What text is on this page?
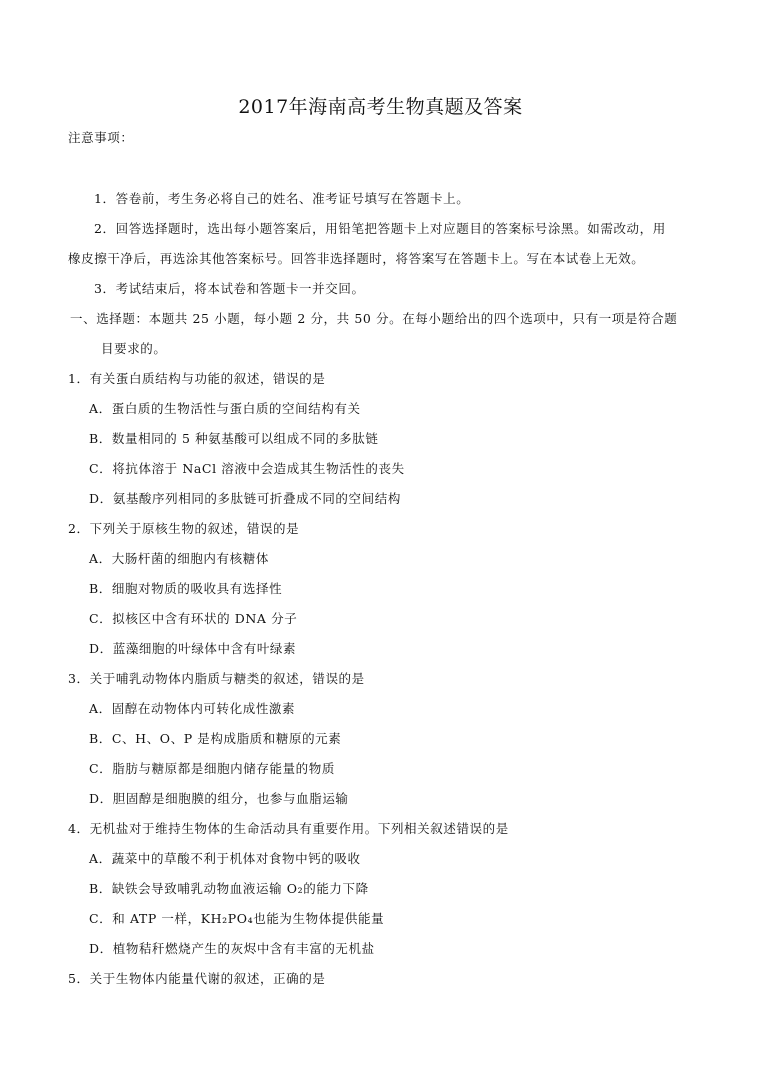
2017年海南高考生物真题及答案
注意事项：
1．答卷前，考生务必将自己的姓名、准考证号填写在答题卡上。
2．回答选择题时，选出每小题答案后，用铅笔把答题卡上对应题目的答案标号涂黑。如需改动，用
橡皮擦干净后，再选涂其他答案标号。回答非选择题时，将答案写在答题卡上。写在本试卷上无效。
3．考试结束后，将本试卷和答题卡一并交回。
一、选择题：本题共 25 小题，每小题 2 分，共 50 分。在每小题给出的四个选项中，只有一项是符合题
目要求的。
1．有关蛋白质结构与功能的叙述，错误的是
A．蛋白质的生物活性与蛋白质的空间结构有关
B．数量相同的 5 种氨基酸可以组成不同的多肽链
C．将抗体溶于 NaCl 溶液中会造成其生物活性的丧失
D．氨基酸序列相同的多肽链可折叠成不同的空间结构
2．下列关于原核生物的叙述，错误的是
A．大肠杆菌的细胞内有核糖体
B．细胞对物质的吸收具有选择性
C．拟核区中含有环状的 DNA 分子
D．蓝藻细胞的叶绿体中含有叶绿素
3．关于哺乳动物体内脂质与糖类的叙述，错误的是
A．固醇在动物体内可转化成性激素
B．C、H、O、P 是构成脂质和糖原的元素
C．脂肪与糖原都是细胞内储存能量的物质
D．胆固醇是细胞膜的组分，也参与血脂运输
4．无机盐对于维持生物体的生命活动具有重要作用。下列相关叙述错误的是
A．蔬菜中的草酸不利于机体对食物中钙的吸收
B．缺铁会导致哺乳动物血液运输 O₂的能力下降
C．和 ATP 一样，KH₂PO₄也能为生物体提供能量
D．植物秸秆燃烧产生的灰烬中含有丰富的无机盐
5．关于生物体内能量代谢的叙述，正确的是
